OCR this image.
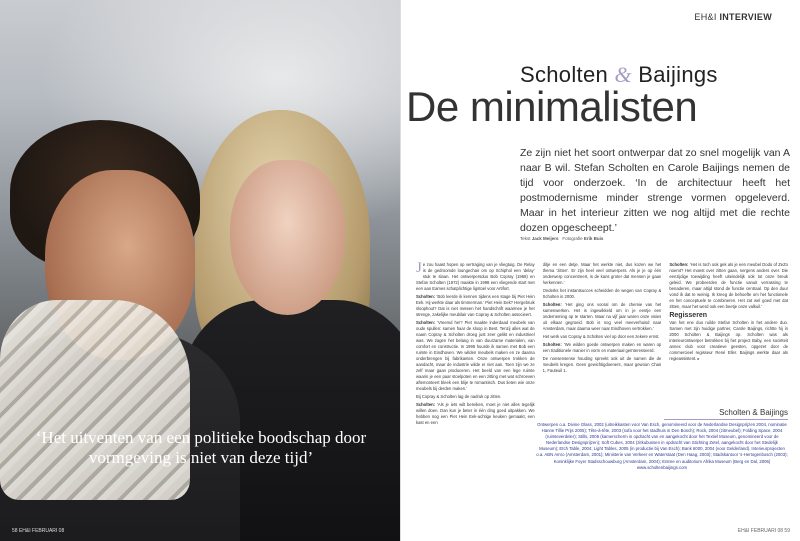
‘Het uitventen van een politieke boodschap door vormgeving is niet van deze tijd’
58 EH&I FEBRUARI 08
EH&I INTERVIEW
Scholten & Baijings
De minimalisten
Ze zijn niet het soort ontwerpar dat zo snel mogelijk van A naar B wil. Stefan Scholten en Carole Baijings nemen de tijd voor onderzoek. ‘In de architectuur heeft het postmodernisme minder strenge vormen opgeleverd. Maar in het interieur zitten we nog altijd met die rechte dozen opgescheept.’
Tekst Jack Meijers Fotografie Erik Buis

Je zou haast hopen op vertraging van je vliegtuig. De Relay is de gedroomde loungechair om op Schiphol een ‘delay’ stuk te slaan. Het ontwerpersduo Bob Copray (1968) en Stefan Scholten (1972) maakte in 1998 een vliegende start met een aan Eames schatplichtige ligstoel voor Artifort.

Scholten: ‘Bob leerde ik kennen tijdens een stage bij Piet Hein Eek. Hij werkte daar als timmerman.’ Piet Hein Eek? Hergebruik sloophout? Dat is niet meteen het handschrift waarmee je het strenge, zakelijke meubilair van Copray & Scholten associeert.

Scholten: ‘Vreemd he!? Piet maakte inderdaad meubels van oude spullen: samen haar de sloop in Best. Tenzij alles wat de naam Copray & Scholten droeg just zeer gelikt en industrieel was. We zagen het belang in van duurzame materialen, van comfort en constructie. In 1995 huurde ik samen met Bob een ruimte in Eindhoven. We wilden meubels maken en ze daarna onderbrengen bij fabrikanten. Onze ontwerpen trokken de aandacht, maar de industrie wilde er niet aan. Toen zijn we ze zelf maar gaan produceren. Het beeld van een lege ruimte waarin je een paar stoelpoten en een zitting met wat schroeven aftemonteert bleek een blije te romantisch. Dus lieten wie onze meubels bij derden maken.’

Bij Copray & Scholten lag de nadruk op zitten.

Scholten: ‘Als je iets wilt bereiken, moet je niet alles tegelijk willen doen. Dan kun je beter in één ding goed uitpakken. We hebben nog een Piet Hein Eek-achtige keuken gemaakt, een kast en een

ditje en een detje. Maar het werkte niet, dus kozen we het thema ‘zitten’. Er zijn heel veel ontwerpers. Als je je op één onderwerp concentreert, is de kans groter dat mensen je gaan herkennen.’

Onderks het instantsucces scheidden de wegen van Copray & Scholten in 2000.

Scholten: ‘Het ging ons vooral om de chemie van het samenwerken. Het is ingewikkeld om in je eentje een onderneming op te starten. Maar na vijf jaar waren onze visies uit elkaar gegroeid. Bob is nog veel meeverhuisd naar Amsterdam, maar daarna weer naar Eindhoven vertrokken.’

Het werk van Copray & Scholten viel op door een zekere ernst.

Scholten: ‘We wilden goede ontwerpen maken en waren op een traditionele manier in vorm en materiaal geïnteresseerd.

De nonsensense houding spreekt ook uit de namen die de meubels kregen. Geen gewichtigdoeners, maar gewoon Chair 1, Fauteuil 1.

Scholten: ‘Het is toch ook gek als je een meubel Dodo of ZeZo noemt? Het moest over zitten gaan, nergens anders over. Die eenzijdige toewijding heeft uiteindelijk ook tot onze breuk geleid. We probeerden de functie vanuit verrassing te benaderen, maar altijd stond de functie centraal. Op den duur vond ik dat te weinig. Ik kreeg de behoefte om het functionele en het conceptuele te combineren. Het zat wel goed met dat zitten, maar het werd ook een beetje onze valkuil.’

Regisseren

Van het ene duo ruilde Stefan Scholten in het andere duo. Samen met zijn huidige partner, Carole Baijings, richtte hij in 2000 Scholten & Baijings op. Scholten was als interieurontwerper betrokken bij het project Baby, een sociëteit annex club voor creatieve geesten, opgezet door de commercieel regisseur René Eller. Baijings werkte daar als regieassistent. ▸

Scholten & Baijings
Ontwerpen o.a. Divine Glass, 2002 (uitreikkasten voor Van Esch, genomineerd voor de Nederlandse Designprijzen 2004, nominatie Hanne Tillie Prijs 2005); Tête-à-tête, 2003 (sofa voor het stadhuis in Den Bosch); Rock, 2004 (zitmeubel); Folding Space, 2004 (ruimteverdeler); Stills, 2005 (kamerscherm in opdracht van en aangekocht door het Textiel Museum, genomineerd voor de Nederlandse Designprijzen); Soft Cubes, 2004 (zitkubussen in opdracht van Stichting Zetel, aangekocht door het Stedelijk Museum); Etch Table, 2004; Light Tables, 2005 (in productie bij Van Esch); Bank 6000, 2004 (voor Gelderland). Interieurprojecten o.a. ABN Amro (Amsterdam, 2001); Ministerie van Verkeer en Waterstaat (Den Haag, 2003); Stadskantoor 's-Hertogenbosch (2003); Koninklijke Foyer Stadsschouwburg (Amsterdam, 2004); Entree en auditorium Afrika Museum (Berg en Dal, 2006) www.scholtenbaijings.com
EH&I FEBRUARI 08 59
